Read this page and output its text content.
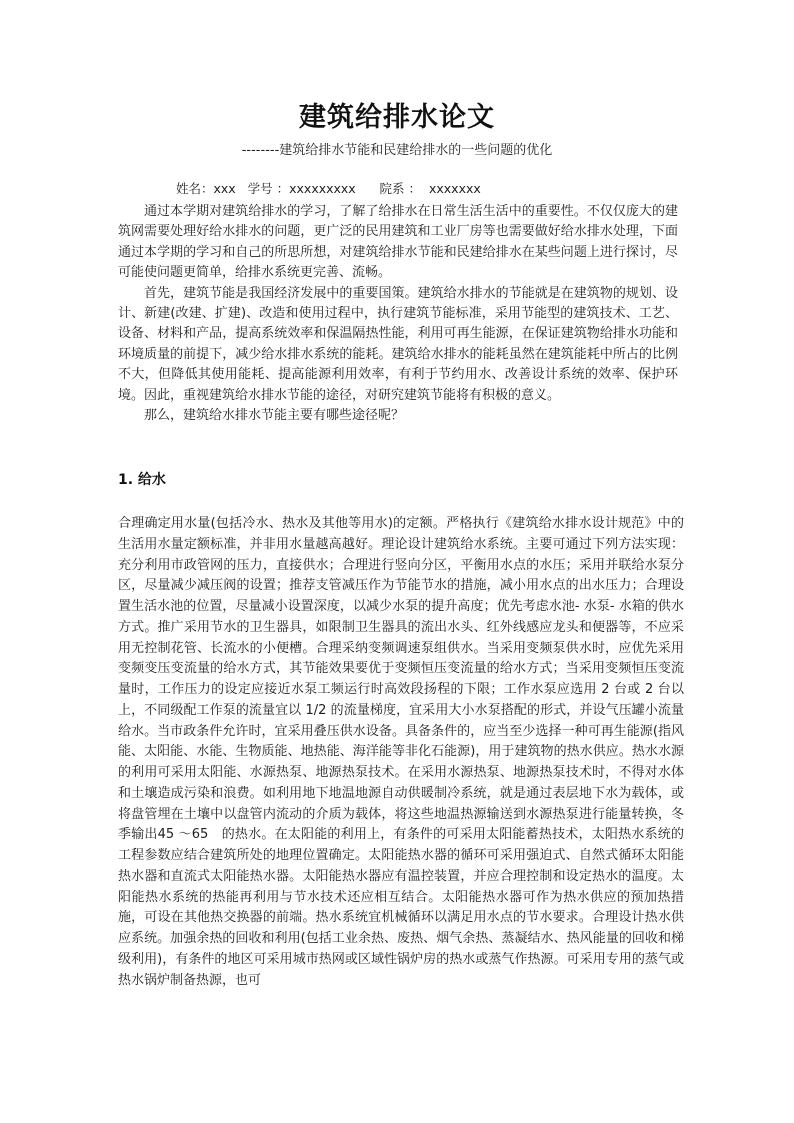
建筑给排水论文
--------建筑给排水节能和民建给排水的一些问题的优化
姓名：xxx 学号 ：xxxxxxxxx 院系 ： xxxxxxx

通过本学期对建筑给排水的学习，了解了给排水在日常生活生活中的重要性。不仅仅庞大的建筑网需要处理好给水排水的问题，更广泛的民用建筑和工业厂房等也需要做好给水排水处理，下面通过本学期的学习和自己的所思所想，对建筑给排水节能和民建给排水在某些问题上进行探讨，尽可能使问题更简单，给排水系统更完善、流畅。

首先，建筑节能是我国经济发展中的重要国策。建筑给水排水的节能就是在建筑物的规划、设计、新建(改建、扩建)、改造和使用过程中，执行建筑节能标准，采用节能型的建筑技术、工艺、设备、材料和产品，提高系统效率和保温隔热性能，利用可再生能源，在保证建筑物给排水功能和环境质量的前提下，减少给水排水系统的能耗。建筑给水排水的能耗虽然在建筑能耗中所占的比例不大，但降低其使用能耗、提高能源利用效率，有利于节约用水、改善设计系统的效率、保护环境。因此，重视建筑给水排水节能的途径，对研究建筑节能将有积极的意义。

那么，建筑给水排水节能主要有哪些途径呢？

1. 给水

合理确定用水量(包括冷水、热水及其他等用水)的定额。严格执行《建筑给水排水设计规范》中的生活用水量定额标准，并非用水量越高越好。理论设计建筑给水系统。主要可通过下列方法实现：充分利用市政管网的压力，直接供水；合理进行竖向分区，平衡用水点的水压；采用并联给水泵分区，尽量减少减压阀的设置；推荐支管减压作为节能节水的措施，减小用水点的出水压力；合理设置生活水池的位置，尽量减小设置深度，以减少水泵的提升高度；优先考虑水池- 水泵- 水箱的供水方式。推广采用节水的卫生器具，如限制卫生器具的流出水头、红外线感应龙头和便器等，不应采用无控制花管、长流水的小便槽。合理采纳变频调速泵组供水。当采用变频泵供水时，应优先采用变频变压变流量的给水方式，其节能效果要优于变频恒压变流量的给水方式；当采用变频恒压变流量时，工作压力的设定应接近水泵工频运行时高效段扬程的下限；工作水泵应选用 2 台或 2 台以上，不同级配工作泵的流量宜以 1/2 的流量梯度，宜采用大小水泵搭配的形式，并设气压罐小流量给水。当市政条件允许时，宜采用叠压供水设备。具备条件的，应当至少选择一种可再生能源(指风能、太阳能、水能、生物质能、地热能、海洋能等非化石能源)，用于建筑物的热水供应。热水水源的利用可采用太阳能、水源热泵、地源热泵技术。在采用水源热泵、地源热泵技术时，不得对水体和土壤造成污染和浪费。如利用地下地温地源自动供暖制冷系统，就是通过表层地下水为载体，或将盘管埋在土壤中以盘管内流动的介质为载体，将这些地温热源输送到水源热泵进行能量转换，冬季输出45 ～65　的热水。在太阳能的利用上，有条件的可采用太阳能蓄热技术，太阳热水系统的工程参数应结合建筑所处的地理位置确定。太阳能热水器的循环可采用强迫式、自然式循环太阳能热水器和直流式太阳能热水器。太阳能热水器应有温控装置，并应合理控制和设定热水的温度。太阳能热水系统的热能再利用与节水技术还应相互结合。太阳能热水器可作为热水供应的预加热措施，可设在其他热交换器的前端。热水系统宜机械循环以满足用水点的节水要求。合理设计热水供应系统。加强余热的回收和利用(包括工业余热、废热、烟气余热、蒸凝结水、热风能量的回收和梯级利用)，有条件的地区可采用城市热网或区域性锅炉房的热水或蒸气作热源。可采用专用的蒸气或热水锅炉制备热源，也可
